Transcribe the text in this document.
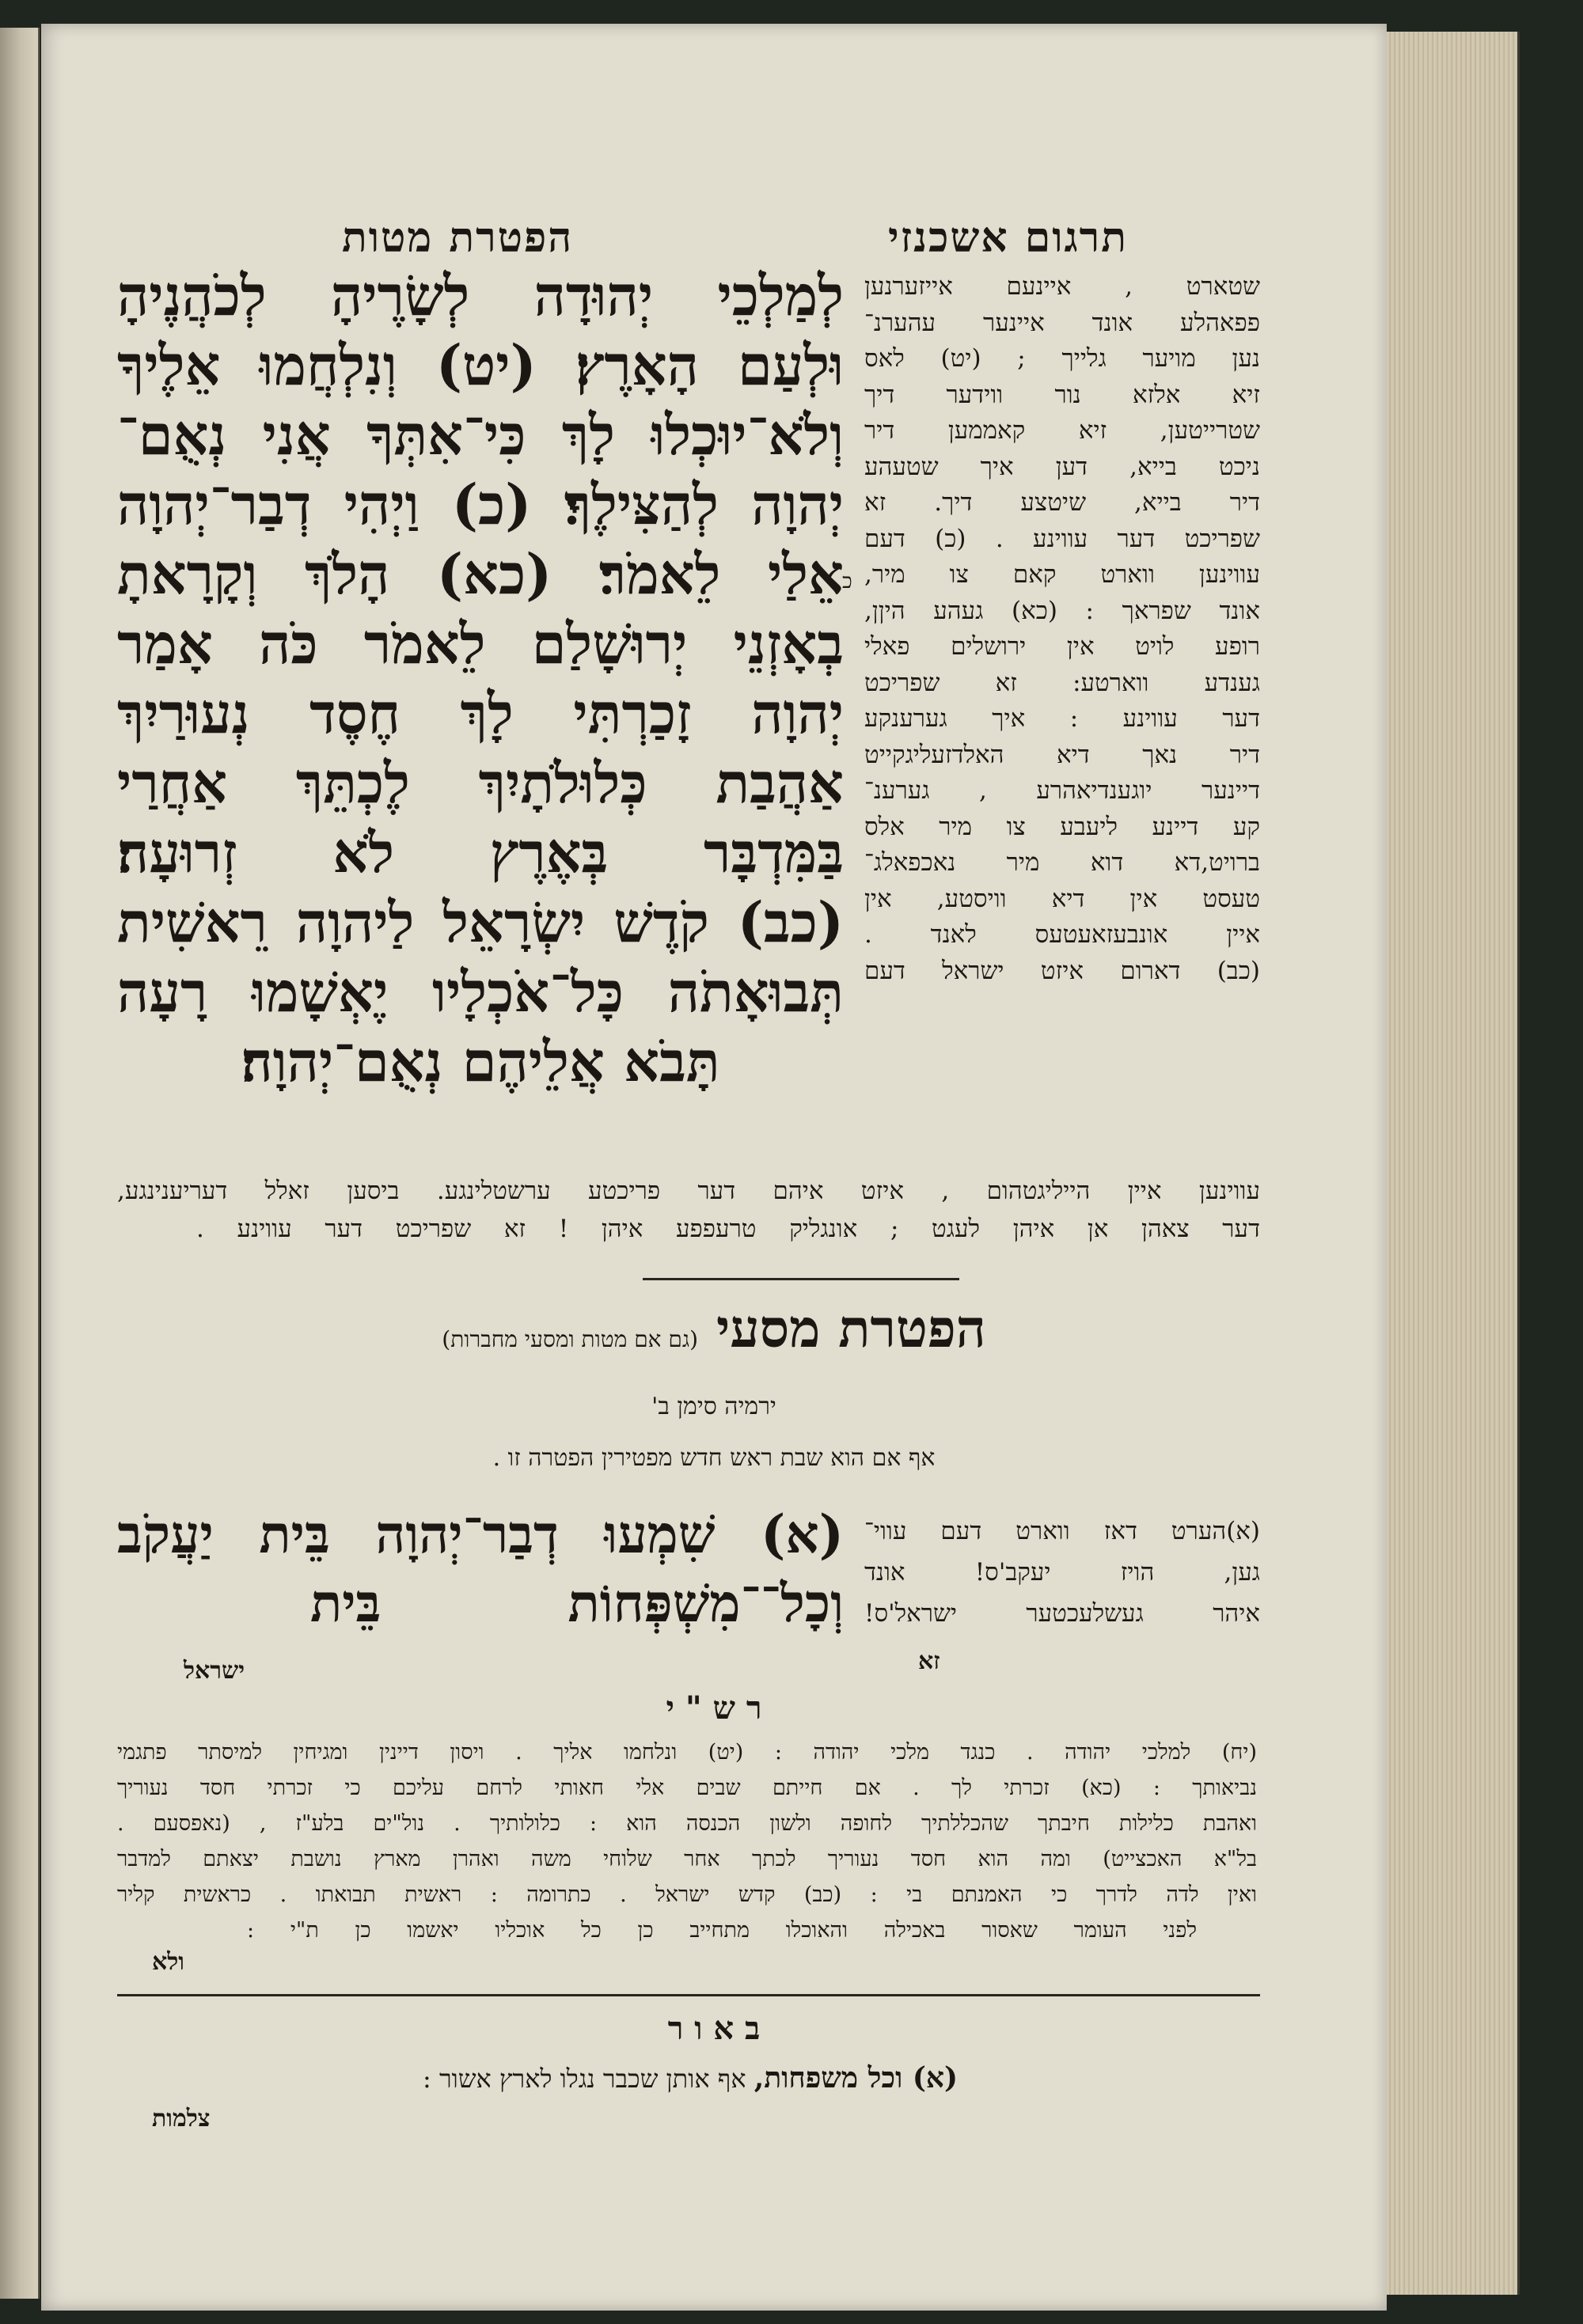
הפטרת מטות	תרגום אשכנזי
לְמַלְכֵי יְהוּדָה לְשָׂרֶיהָ לְכֹהֲנֶיהָ
וּלְעַם הָאָרֶץ׃ (יט) וְנִלְחֲמוּ אֵלֶיךָ
וְלֹא־יוּכְלוּ לָךְ כִּי־אִתְּךָ אֲנִי נְאֻם־
יְהוָה לְהַצִּילֶךָ׃ (כ) וַיְהִי דְבַר־יְהוָה
אֵלַי לֵאמֹר׃ (כא) הָלֹךְ וְקָרָאתָ
בְאָזְנֵי יְרוּשָׁלַם לֵאמֹר כֹּה אָמַר
יְהוָה זָכַרְתִּי לָךְ חֶסֶד נְעוּרַיִךְ
אַהֲבַת כְּלוּלֹתָיִךְ לֶכְתֵּךְ אַחֲרַי
בַּמִּדְבָּר בְּאֶרֶץ לֹא זְרוּעָה׃
(כב) קֹדֶשׁ יִשְׂרָאֵל לַיהוָה רֵאשִׁית
תְּבוּאָתֹה כָּל־אֹכְלָיו יֶאְשָׁמוּ רָעָה
תָּבֹא אֲלֵיהֶם נְאֻם־יְהוָה׃
שטארט , איינעם אייזערנען
פפאהלע אונד איינער עהערנ־
נען מויער גלייך ; (יט) לאס
זיא אלזא נור ווידער דיך
שטרייטען, זיא קאממען דיר
ניכט בייא, דען איך שטעהע
דיר בייא, שיטצע דיך. זא
שפריכט דער עווינע . (כ) דעם
עווינען ווארט קאם צו מיר,
אונד שפראך : (כא) געהע היןן,
רופע לויט אין ירושלים פאלי
גענדע ווארטע: זא שפריכט
דער עווינע : איך גערענקע
דיר נאך דיא האלדזעליגקייט
דיינער יוגענדיאהרע , גערענ־
קע דיינע ליעבע צו מיר אלס
ברויט,דא דוא מיר נאכפאלג־
טעסט אין דיא וויסטע, אין
איין אונבעזאעטעס לאנד .
(כב) דארום איזט ישראל דעם
כ
עווינען איין הייליגטהום , איזט איהם דער פריכטע ערשטלינגע. ביסען זאלל דעריענינגע,
דער צאהן אן איהן לעגט ; אונגליק טרעפפע איהן ! זא שפריכט דער עווינע .
הפטרת מסעי (גם אם מטות ומסעי מחברות)
ירמיה סימן ב'
אף אם הוא שבת ראש חדש מפטירין הפטרה זו .
(א) שִׁמְעוּ דְבַר־יְהוָה בֵּית יַעֲקֹב
וְכָל־־מִשְׁפְּחוֹת בֵּית
ישראל
(א)הערט דאז ווארט דעם עווי־
גען, הויז יעקב'ס! אונד
איהר געשלעכטער ישראל'ס!
זא
ר ש " י
(יח) למלכי יהודה . כנגד מלכי יהודה : (יט) ונלחמו אליך . ויסון דיינין ומגיחין למיסתר פתגמי
נביאותך : (כא) זכרתי לך . אם חייתם שבים אלי חאותי לרחם עליכם כי זכרתי חסד נעוריך
ואהבת כלילות חיבתך שהכללתיך לחופה ולשון הכנסה הוא : כלולותיך . נול"ים בלע"ז , (נאפסעם .
בל"א האכצייט) ומה הוא חסד נעוריך לכתך אחר שלוחי משה ואהרן מארץ נושבת יצאתם למדבר
ואין לדה לדרך כי האמנתם בי : (כב) קדש ישראל . כתרומה : ראשית תבואתו . כראשית קליר
לפני העומר שאסור באכילה והאוכלו מתחייב כן כל אוכליו יאשמו כן ת"י :
ולא
ב א ו ר
(א) וכל משפחות, אף אותן שכבר נגלו לארץ אשור :
צלמות
